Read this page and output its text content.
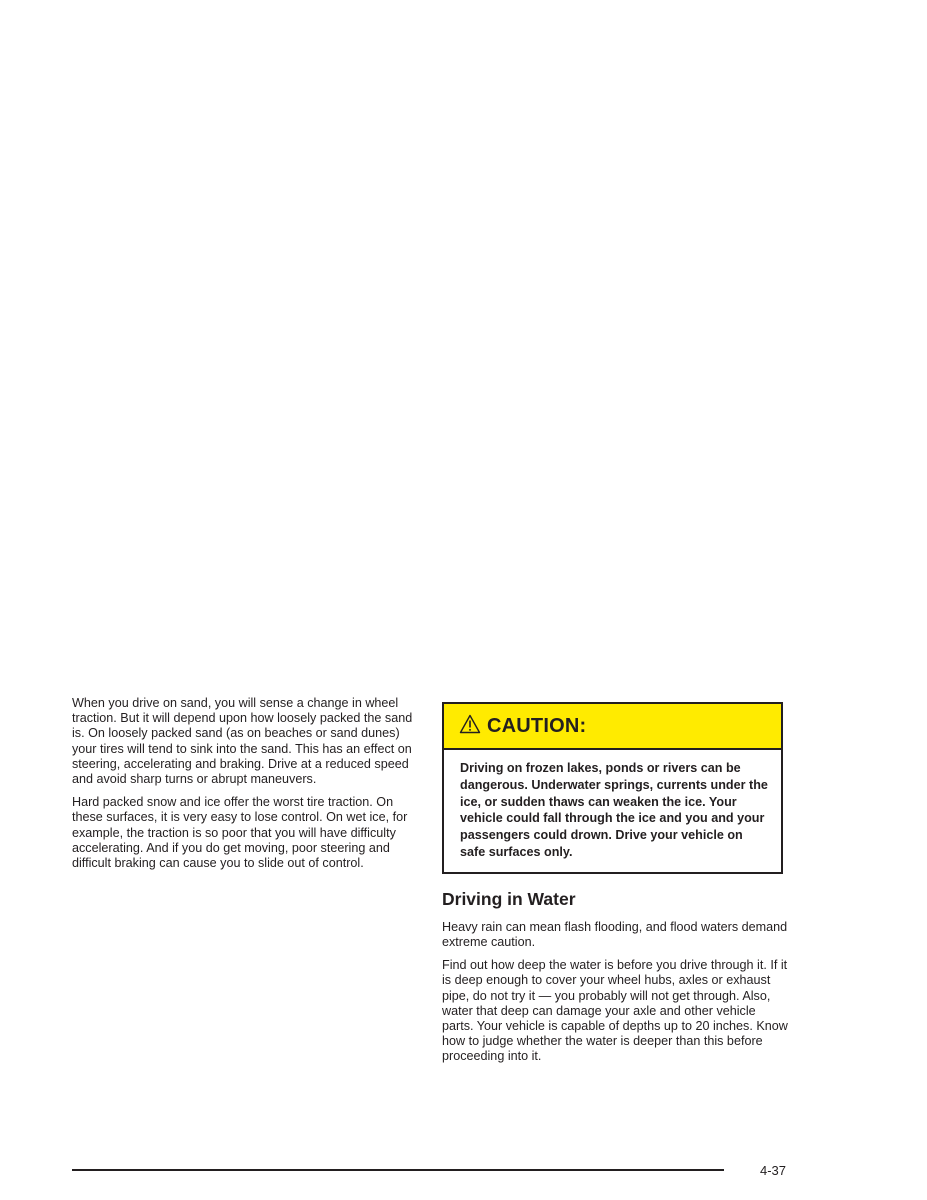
When you drive on sand, you will sense a change in wheel traction. But it will depend upon how loosely packed the sand is. On loosely packed sand (as on beaches or sand dunes) your tires will tend to sink into the sand. This has an effect on steering, accelerating and braking. Drive at a reduced speed and avoid sharp turns or abrupt maneuvers.

Hard packed snow and ice offer the worst tire traction. On these surfaces, it is very easy to lose control. On wet ice, for example, the traction is so poor that you will have difficulty accelerating. And if you do get moving, poor steering and difficult braking can cause you to slide out of control.

CAUTION:
Driving on frozen lakes, ponds or rivers can be dangerous. Underwater springs, currents under the ice, or sudden thaws can weaken the ice. Your vehicle could fall through the ice and you and your passengers could drown. Drive your vehicle on safe surfaces only.
Driving in Water

Heavy rain can mean flash flooding, and flood waters demand extreme caution.

Find out how deep the water is before you drive through it. If it is deep enough to cover your wheel hubs, axles or exhaust pipe, do not try it — you probably will not get through. Also, water that deep can damage your axle and other vehicle parts. Your vehicle is capable of depths up to 20 inches. Know how to judge whether the water is deeper than this before proceeding into it.

4-37
